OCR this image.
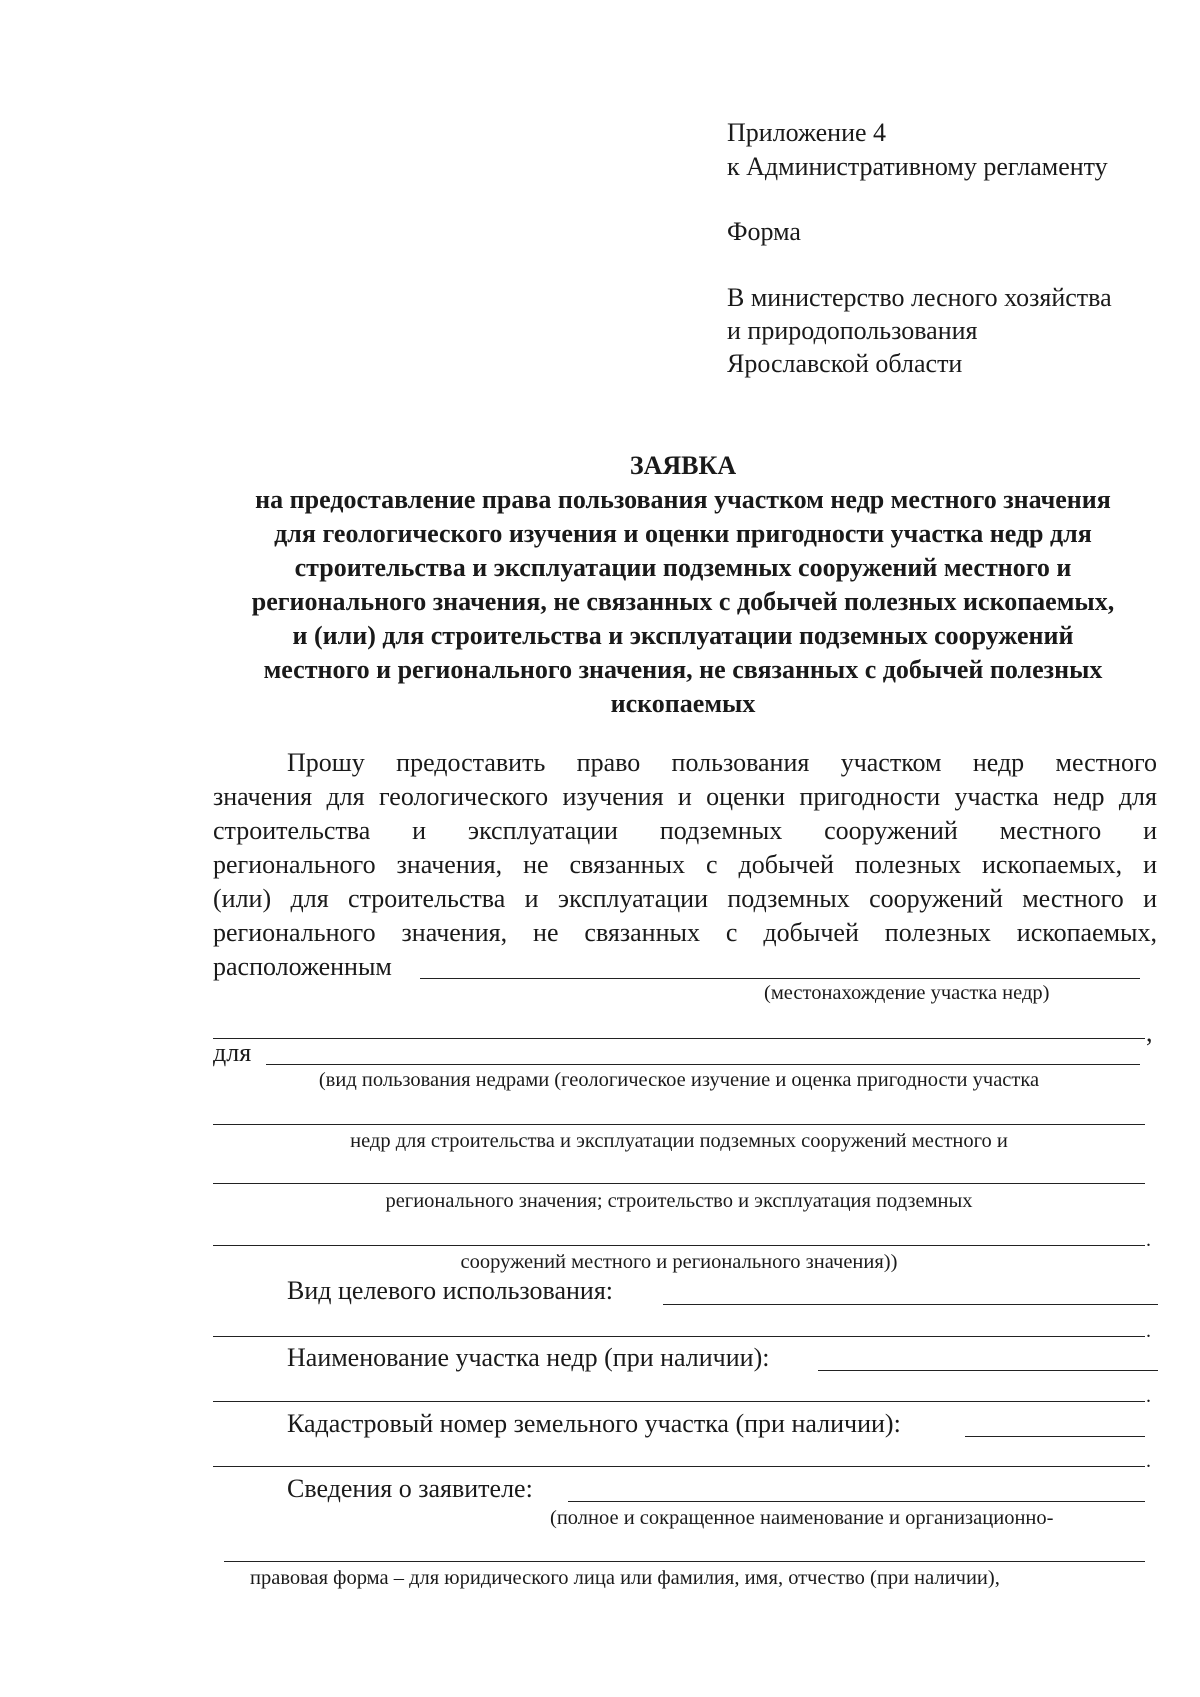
Приложение 4
к Административному регламенту
Форма
В министерство лесного хозяйства
и природопользования
Ярославской области
ЗАЯВКА
на предоставление права пользования участком недр местного значения
для геологического изучения и оценки пригодности участка недр для
строительства и эксплуатации подземных сооружений местного и
регионального значения, не связанных с добычей полезных ископаемых,
и (или) для строительства и эксплуатации подземных сооружений
местного и регионального значения, не связанных с добычей полезных
ископаемых
Прошу предоставить право пользования участком недр местного
значения для геологического изучения и оценки пригодности участка недр для
строительства и эксплуатации подземных сооружений местного и
регионального значения, не связанных с добычей полезных ископаемых, и
(или) для строительства и эксплуатации подземных сооружений местного и
регионального значения, не связанных с добычей полезных ископаемых,
расположенным
(местонахождение участка недр)
,
для
(вид пользования недрами (геологическое изучение и оценка пригодности участка
недр для строительства и эксплуатации подземных сооружений местного и
регионального значения; строительство и эксплуатация подземных
.
сооружений местного и регионального значения))
Вид целевого использования:
.
Наименование участка недр (при наличии):
.
Кадастровый номер земельного участка (при наличии):
.
Сведения о заявителе:
(полное и сокращенное наименование и организационно-
правовая форма – для юридического лица или фамилия, имя, отчество (при наличии),
